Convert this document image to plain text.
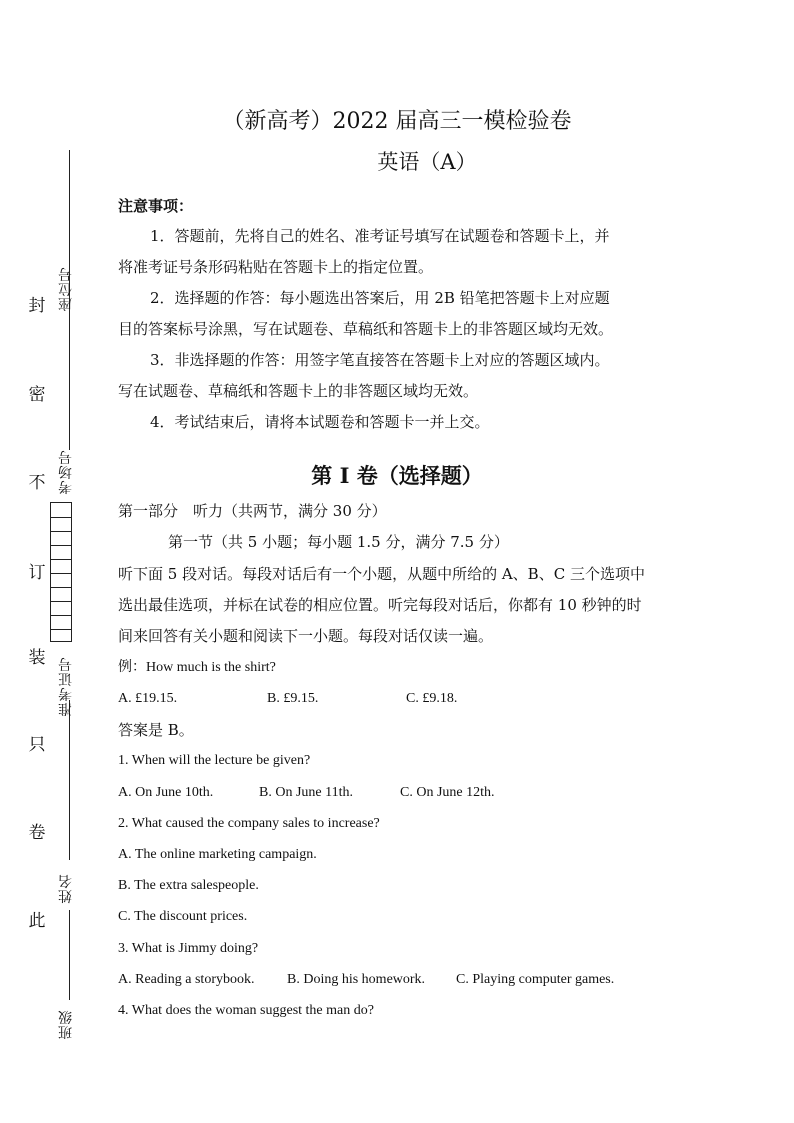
封
密
不
订
装
只
卷
此
座位号
考场号
准考证号
姓名
班级
（新高考）2022 届高三一模检验卷
英语（A）
注意事项：
1．答题前，先将自己的姓名、准考证号填写在试题卷和答题卡上，并
将准考证号条形码粘贴在答题卡上的指定位置。
2．选择题的作答：每小题选出答案后，用 2B 铅笔把答题卡上对应题
目的答案标号涂黑，写在试题卷、草稿纸和答题卡上的非答题区域均无效。
3．非选择题的作答：用签字笔直接答在答题卡上对应的答题区域内。
写在试题卷、草稿纸和答题卡上的非答题区域均无效。
4．考试结束后，请将本试题卷和答题卡一并上交。
第 I 卷（选择题）
第一部分　听力（共两节，满分 30 分）
第一节（共 5 小题；每小题 1.5 分，满分 7.5 分）
听下面 5 段对话。每段对话后有一个小题，从题中所给的 A、B、C 三个选项中
选出最佳选项，并标在试卷的相应位置。听完每段对话后，你都有 10 秒钟的时
间来回答有关小题和阅读下一小题。每段对话仅读一遍。
例：How much is the shirt?
A. £19.15.	B. £9.15.	C. £9.18.
答案是 B。
1. When will the lecture be given?
A. On June 10th.	B. On June 11th.	C. On June 12th.
2. What caused the company sales to increase?
A. The online marketing campaign.
B. The extra salespeople.
C. The discount prices.
3. What is Jimmy doing?
A. Reading a storybook. B. Doing his homework. C. Playing computer games.
4. What does the woman suggest the man do?
